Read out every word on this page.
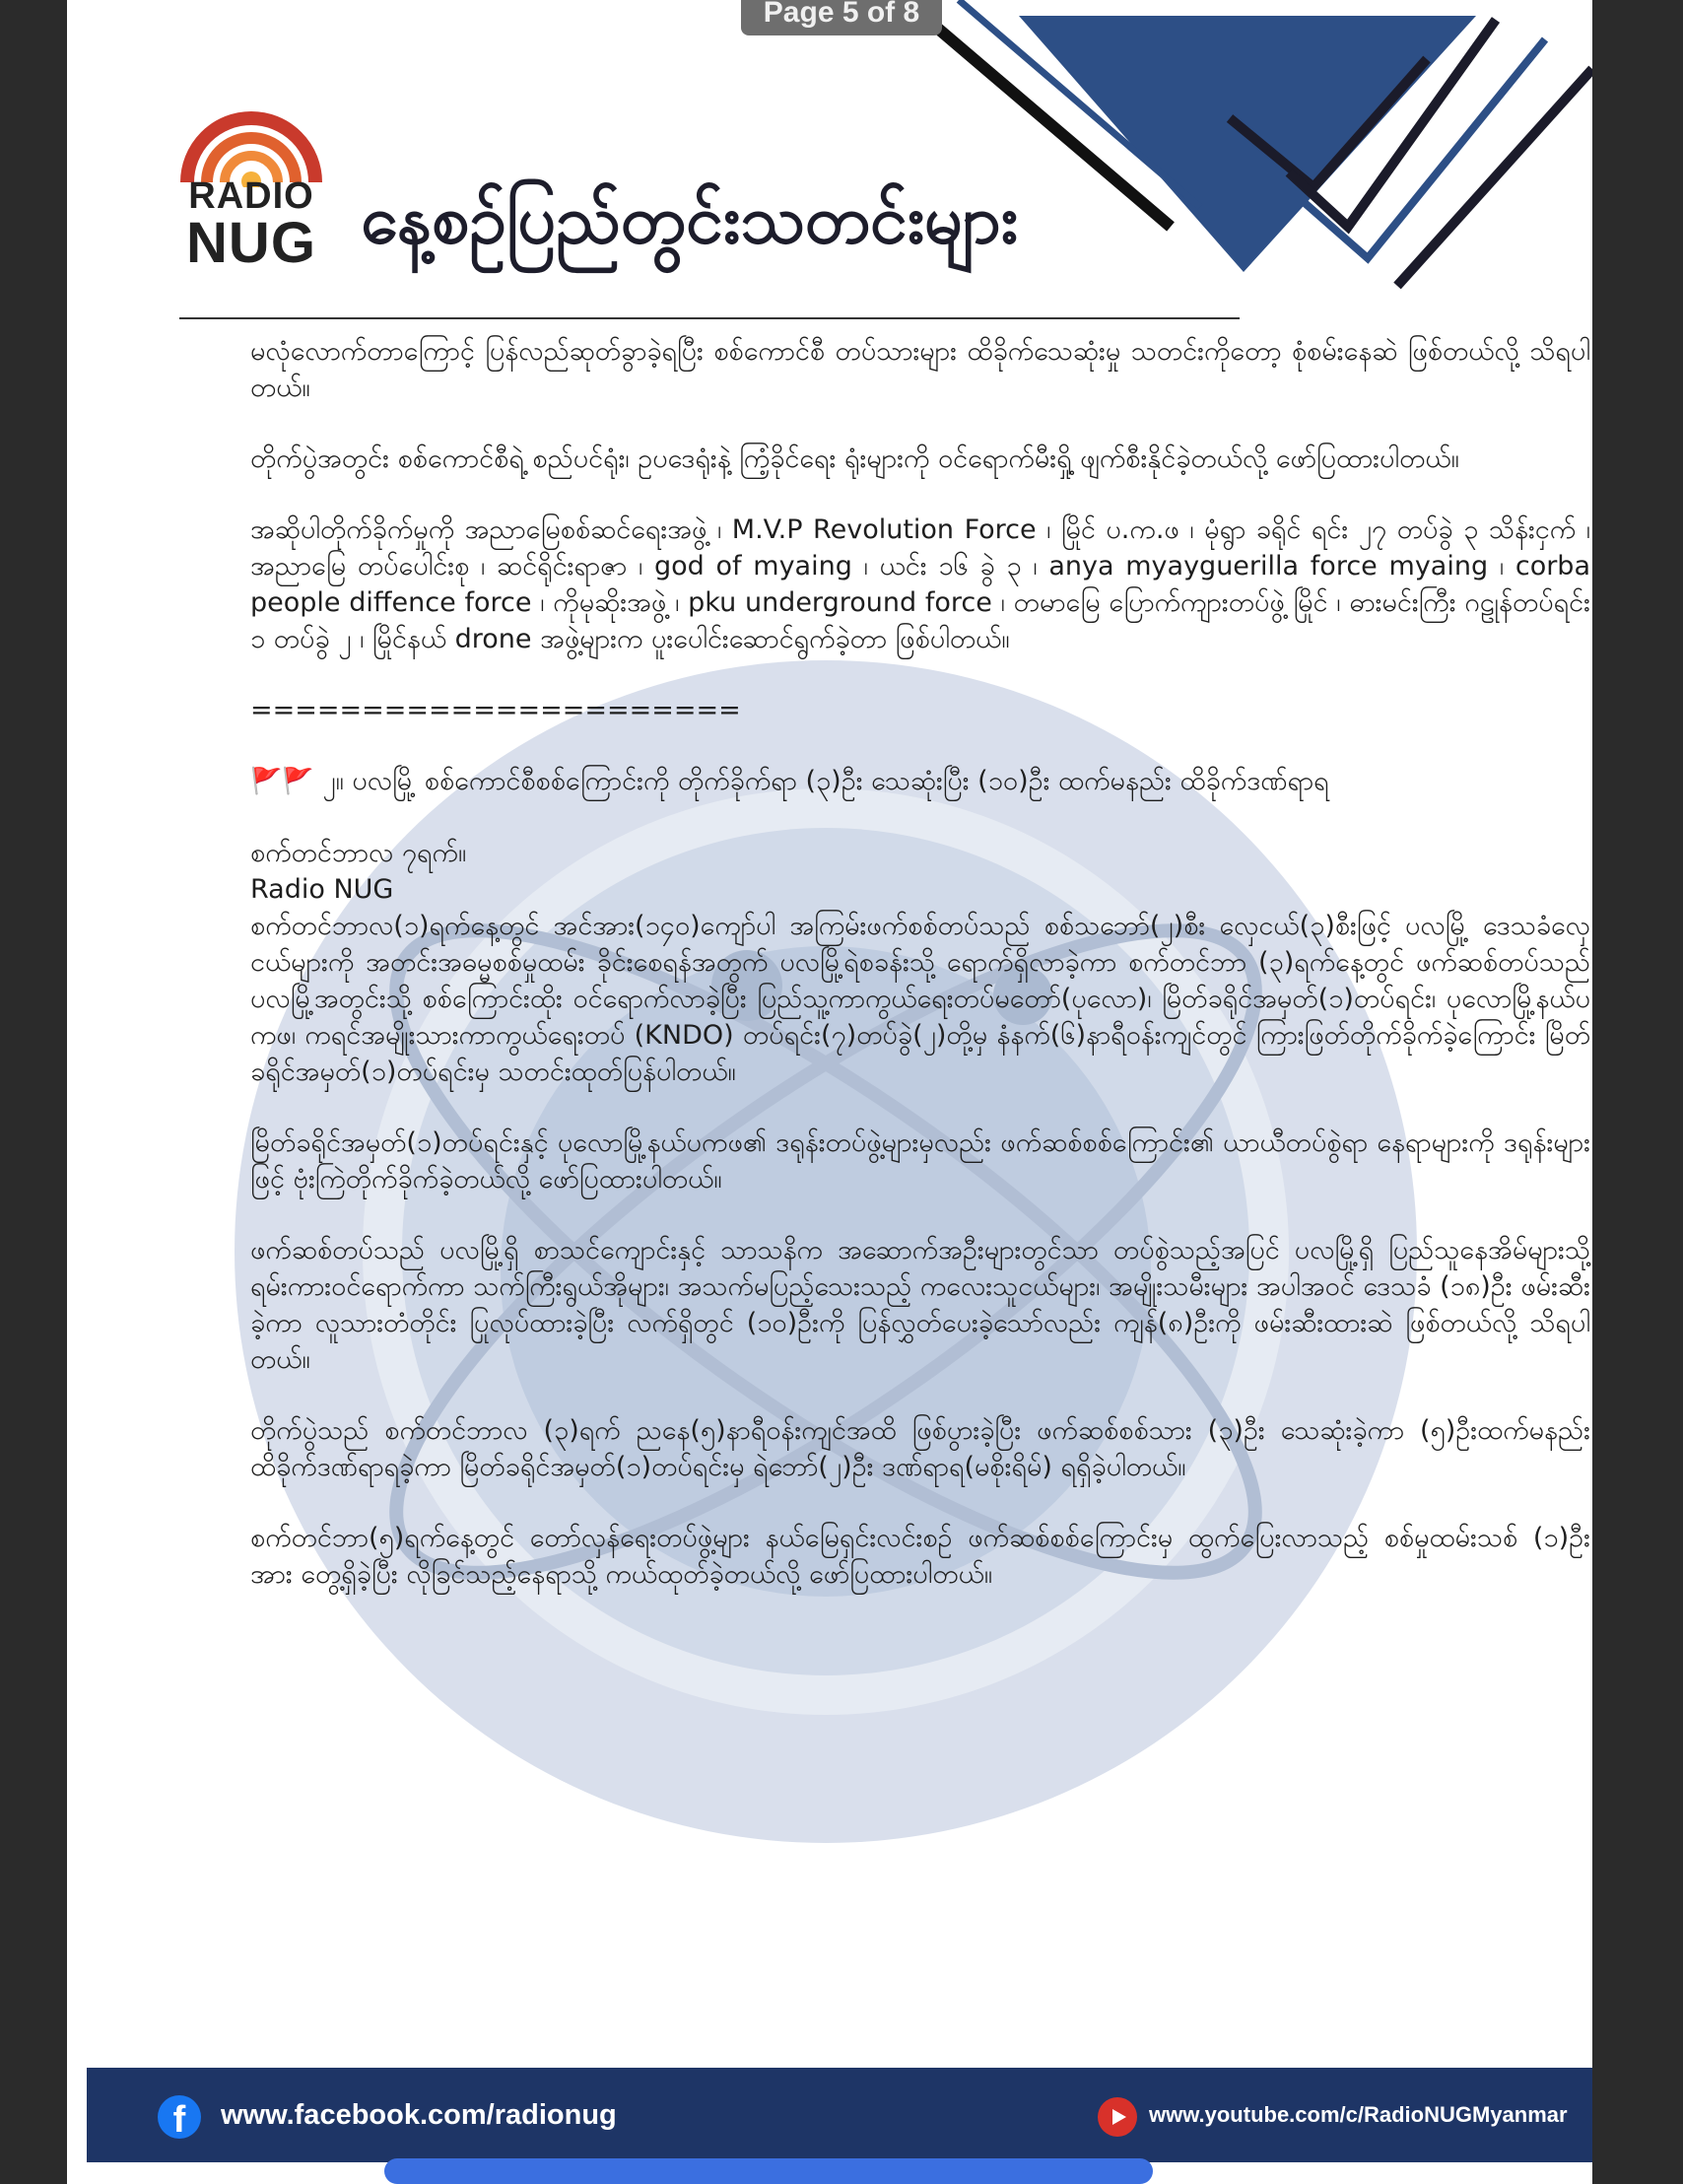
RADIO
NUG နေ့စဉ်ပြည်တွင်းသတင်းများ

မလုံလောက်တာကြောင့် ပြန်လည်ဆုတ်ခွာခဲ့ရပြီး စစ်ကောင်စီ တပ်သားများ ထိခိုက်သေဆုံးမှု သတင်းကိုတော့ စုံစမ်းနေဆဲ ဖြစ်တယ်လို့ သိရပါတယ်။

တိုက်ပွဲအတွင်း စစ်ကောင်စီရဲ့ စည်ပင်ရုံး၊ ဥပဒေရုံးနဲ့ ကြံ့ခိုင်ရေး ရုံးများကို ဝင်ရောက်မီးရှို့ ဖျက်စီးနိုင်ခဲ့တယ်လို့ ဖော်ပြထားပါတယ်။

အဆိုပါတိုက်ခိုက်မှုကို အညာမြေစစ်ဆင်ရေးအဖွဲ့ ၊ M.V.P Revolution Force ၊ မြိုင် ပ.က.ဖ ၊ မုံရွာ ခရိုင် ရင်း ၂၇ တပ်ခွဲ ၃ သိန်းငှက် ၊ အညာမြေ တပ်ပေါင်းစု ၊ ဆင်ရိုင်းရာဇာ ၊ god of myaing ၊ ယင်း ၁၆ ခွဲ ၃ ၊ anya myayguerilla force myaing ၊ corba people diffence force ၊ ကိုမုဆိုးအဖွဲ့ ၊ pku underground force ၊ တမာမြေ ပြောက်ကျားတပ်ဖွဲ့ မြိုင် ၊ ဓားမင်းကြီး ဂဠုန်တပ်ရင်း ၁ တပ်ခွဲ ၂ ၊ မြိုင်နယ် drone အဖွဲ့များက ပူးပေါင်းဆောင်ရွက်ခဲ့တာ ဖြစ်ပါတယ်။

======================

🚩🚩 ၂။ ပလမြို့ စစ်ကောင်စီစစ်ကြောင်းကို တိုက်ခိုက်ရာ (၃)ဦး သေဆုံးပြီး (၁၀)ဦး ထက်မနည်း ထိခိုက်ဒဏ်ရာရ

စက်တင်ဘာလ ၇ရက်။

Radio NUG

စက်တင်ဘာလ(၁)ရက်နေ့တွင် အင်အား(၁၄၀)ကျော်ပါ အကြမ်းဖက်စစ်တပ်သည် စစ်သဘော်(၂)စီး လှေငယ်(၃)စီးဖြင့် ပလမြို့ ဒေသခံလှေငယ်များကို အတင်းအဓမ္မစစ်မှုထမ်း ခိုင်းစေရန်အတွက် ပလမြို့ရဲစခန်းသို့ ရောက်ရှိလာခဲ့ကာ စက်တင်ဘာ (၃)ရက်နေ့တွင် ဖက်ဆစ်တပ်သည် ပလမြို့အတွင်းသို့ စစ်ကြောင်းထိုး ဝင်ရောက်လာခဲ့ပြီး ပြည်သူ့ကာကွယ်ရေးတပ်မတော်(ပုလော)၊ မြိတ်ခရိုင်အမှတ်(၁)တပ်ရင်း၊ ပုလောမြို့နယ်ပကဖ၊ ကရင်အမျိုးသားကာကွယ်ရေးတပ် (KNDO) တပ်ရင်း(၇)တပ်ခွဲ(၂)တို့မှ နံနက်(၆)နာရီဝန်းကျင်တွင် ကြားဖြတ်တိုက်ခိုက်ခဲ့ကြောင်း မြိတ်ခရိုင်အမှတ်(၁)တပ်ရင်းမှ သတင်းထုတ်ပြန်ပါတယ်။

မြိတ်ခရိုင်အမှတ်(၁)တပ်ရင်းနှင့် ပုလောမြို့နယ်ပကဖ၏ ဒရုန်းတပ်ဖွဲ့များမှလည်း ဖက်ဆစ်စစ်ကြောင်း၏ ယာယီတပ်စွဲရာ နေရာများကို ဒရုန်းများဖြင့် ဗုံးကြဲတိုက်ခိုက်ခဲ့တယ်လို့ ဖော်ပြထားပါတယ်။

ဖက်ဆစ်တပ်သည် ပလမြို့ရှိ စာသင်ကျောင်းနှင့် သာသနိက အဆောက်အဦးများတွင်သာ တပ်စွဲသည့်အပြင် ပလမြို့ရှိ ပြည်သူနေအိမ်များသို့ ရမ်းကားဝင်ရောက်ကာ သက်ကြီးရွယ်အိုများ၊ အသက်မပြည့်သေးသည့် ကလေးသူငယ်များ၊ အမျိုးသမီးများ အပါအဝင် ဒေသခံ (၁၈)ဦး ဖမ်းဆီးခဲ့ကာ လူသားတံတိုင်း ပြုလုပ်ထားခဲ့ပြီး လက်ရှိတွင် (၁၀)ဦးကို ပြန်လွှတ်ပေးခဲ့သော်လည်း ကျန်(၈)ဦးကို ဖမ်းဆီးထားဆဲ ဖြစ်တယ်လို့ သိရပါတယ်။

တိုက်ပွဲသည် စက်တင်ဘာလ (၃)ရက် ညနေ(၅)နာရီဝန်းကျင်အထိ ဖြစ်ပွားခဲ့ပြီး ဖက်ဆစ်စစ်သား (၃)ဦး သေဆုံးခဲ့ကာ (၅)ဦးထက်မနည်း ထိခိုက်ဒဏ်ရာရခဲ့ကာ မြိတ်ခရိုင်အမှတ်(၁)တပ်ရင်းမှ ရဲဘော်(၂)ဦး ဒဏ်ရာရ(မစိုးရိမ်) ရရှိခဲ့ပါတယ်။

စက်တင်ဘာ(၅)ရက်နေ့တွင် တော်လှန်ရေးတပ်ဖွဲ့များ နယ်မြေရှင်းလင်းစဉ် ဖက်ဆစ်စစ်ကြောင်းမှ ထွက်ပြေးလာသည့် စစ်မှုထမ်းသစ် (၁)ဦးအား တွေ့ရှိခဲ့ပြီး လိုခြင်သည့်နေရာသို့ ကယ်ထုတ်ခဲ့တယ်လို့ ဖော်ပြထားပါတယ်။

f	www.facebook.com/radionug	www.youtube.com/c/RadioNUGMyanmar
Page 5 of 8
